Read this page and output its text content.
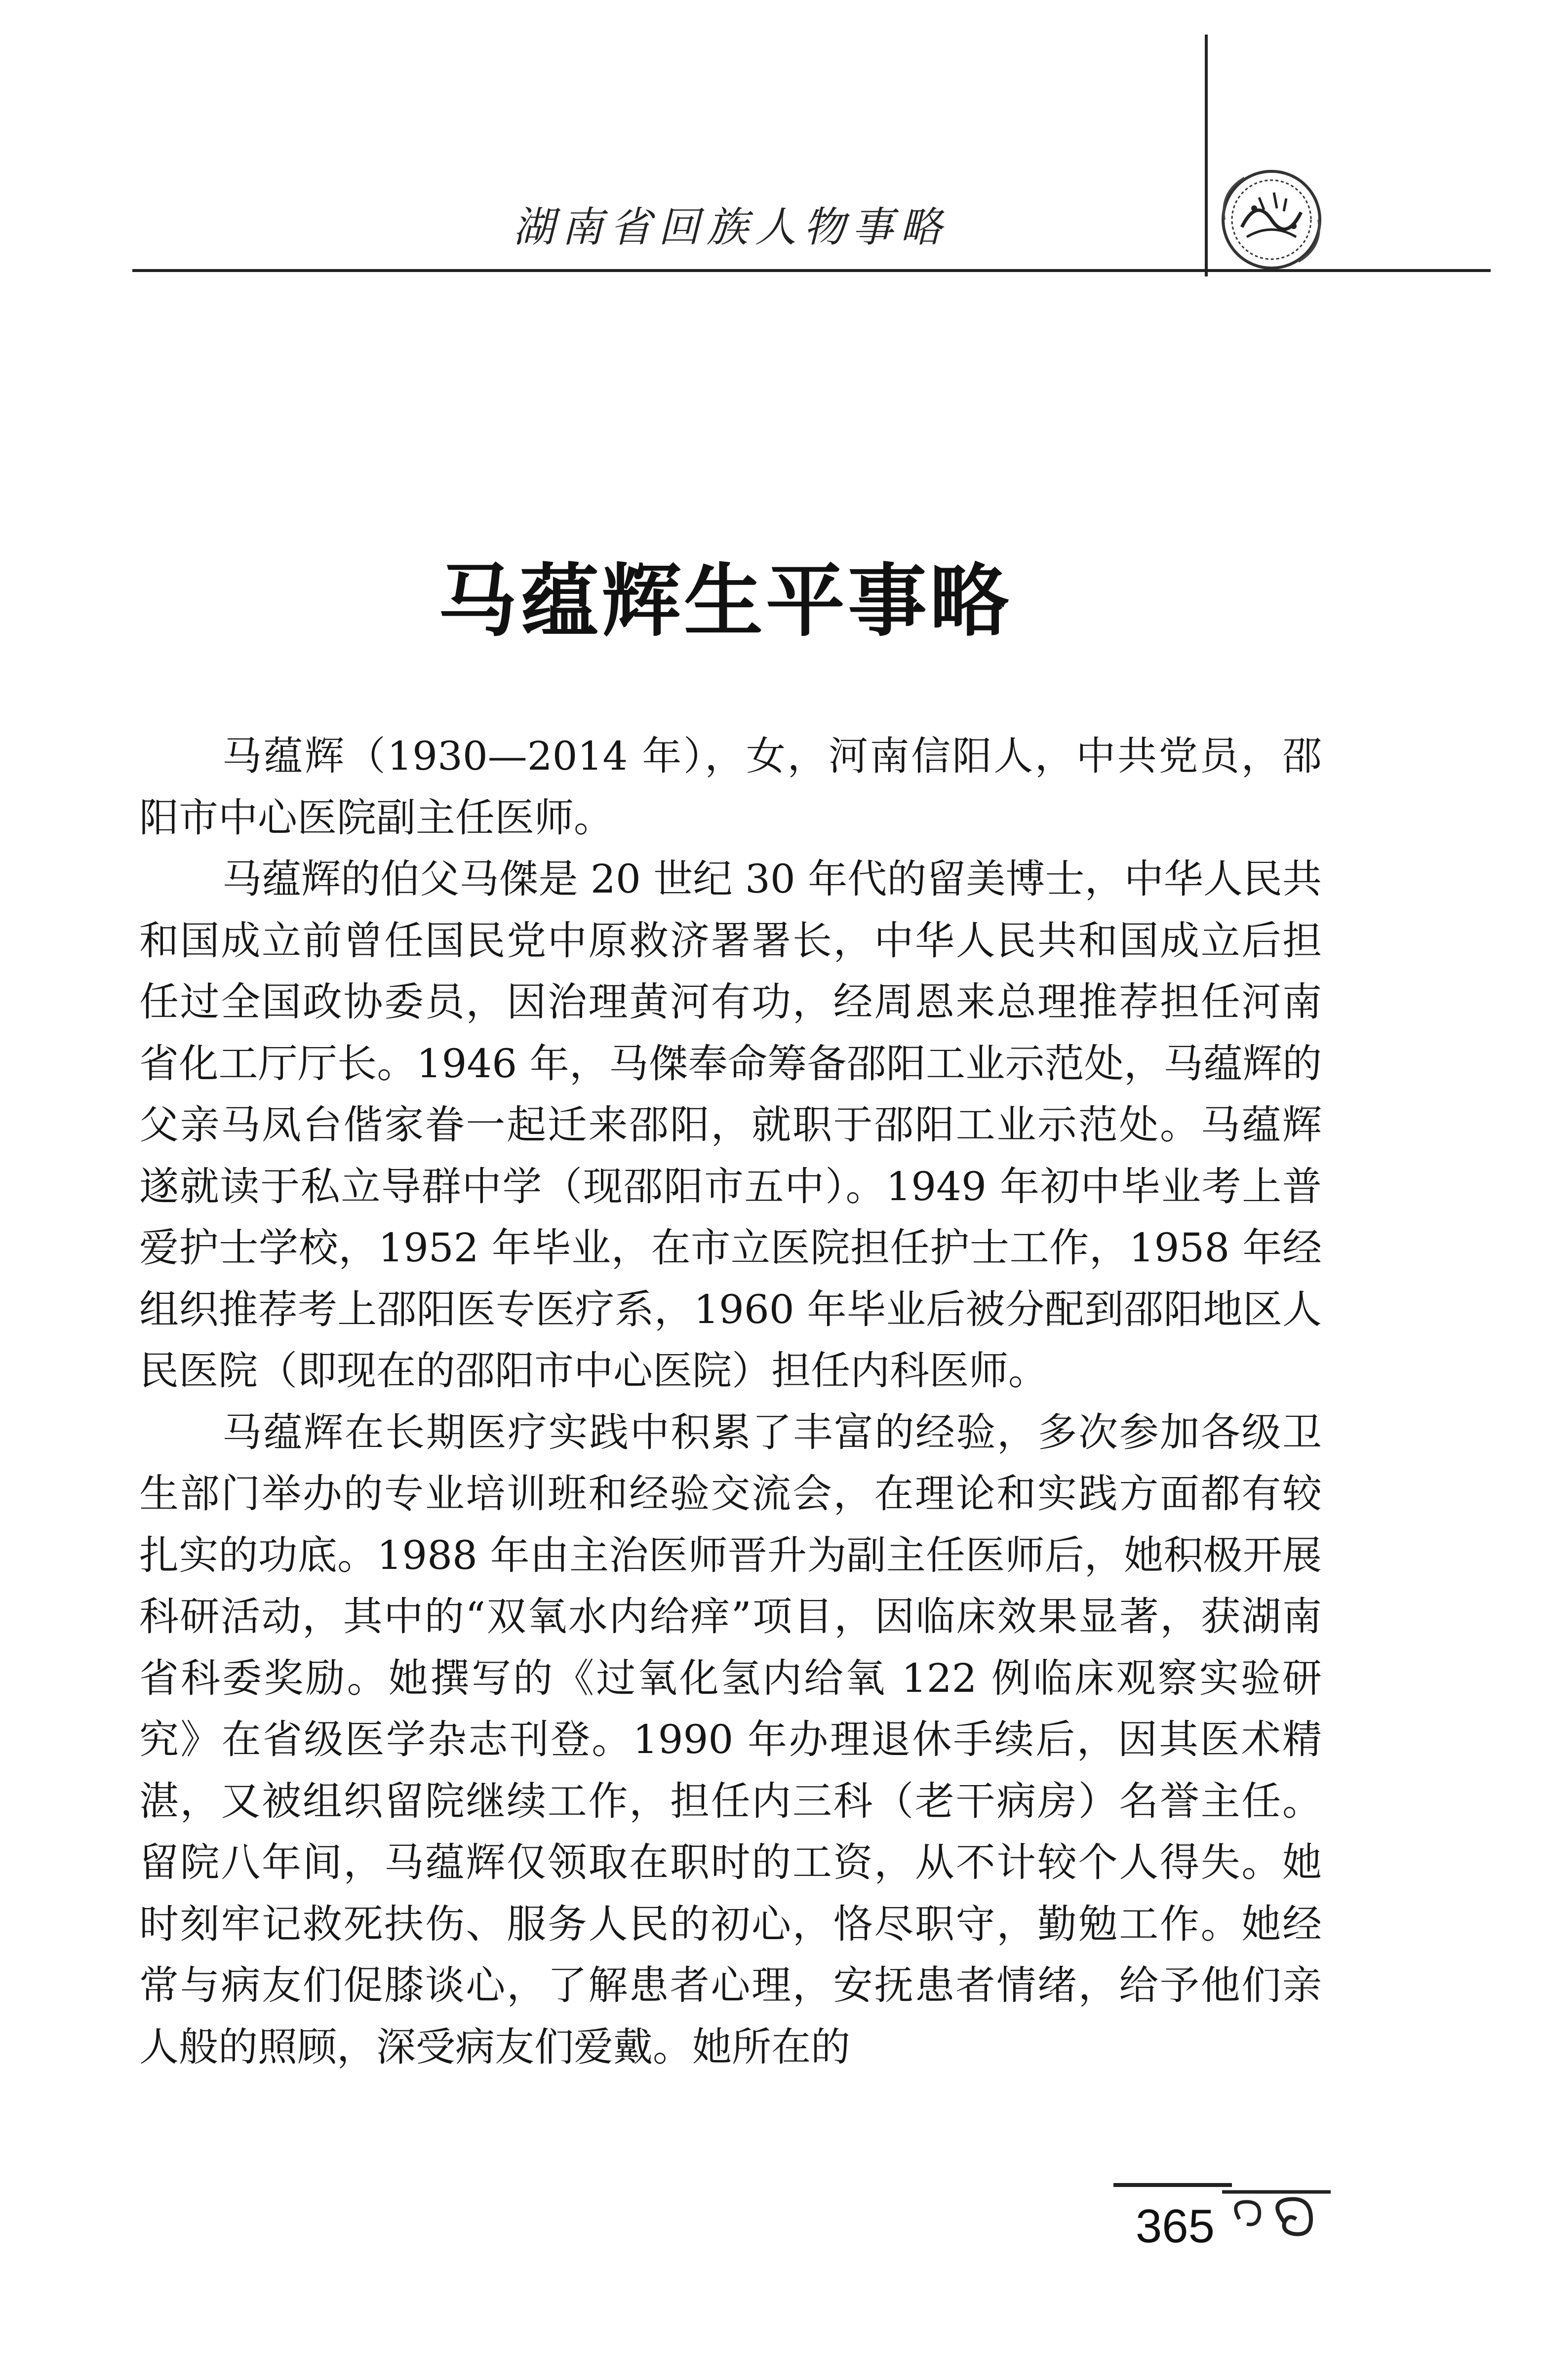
湖南省回族人物事略
马蕴辉生平事略

马蕴辉（1930—2014 年），女，河南信阳人，中共党员，邵阳市中心医院副主任医师。

马蕴辉的伯父马傑是 20 世纪 30 年代的留美博士，中华人民共和国成立前曾任国民党中原救济署署长，中华人民共和国成立后担任过全国政协委员，因治理黄河有功，经周恩来总理推荐担任河南省化工厅厅长。1946 年，马傑奉命筹备邵阳工业示范处，马蕴辉的父亲马凤台偕家眷一起迁来邵阳，就职于邵阳工业示范处。马蕴辉遂就读于私立导群中学（现邵阳市五中）。1949 年初中毕业考上普爱护士学校，1952 年毕业，在市立医院担任护士工作，1958 年经组织推荐考上邵阳医专医疗系，1960 年毕业后被分配到邵阳地区人民医院（即现在的邵阳市中心医院）担任内科医师。

马蕴辉在长期医疗实践中积累了丰富的经验，多次参加各级卫生部门举办的专业培训班和经验交流会，在理论和实践方面都有较扎实的功底。1988 年由主治医师晋升为副主任医师后，她积极开展科研活动，其中的“双氧水内给痒”项目，因临床效果显著，获湖南省科委奖励。她撰写的《过氧化氢内给氧 122 例临床观察实验研究》在省级医学杂志刊登。1990 年办理退休手续后，因其医术精湛，又被组织留院继续工作，担任内三科（老干病房）名誉主任。留院八年间，马蕴辉仅领取在职时的工资，从不计较个人得失。她时刻牢记救死扶伤、服务人民的初心，恪尽职守，勤勉工作。她经常与病友们促膝谈心，了解患者心理，安抚患者情绪，给予他们亲人般的照顾，深受病友们爱戴。她所在的

365
